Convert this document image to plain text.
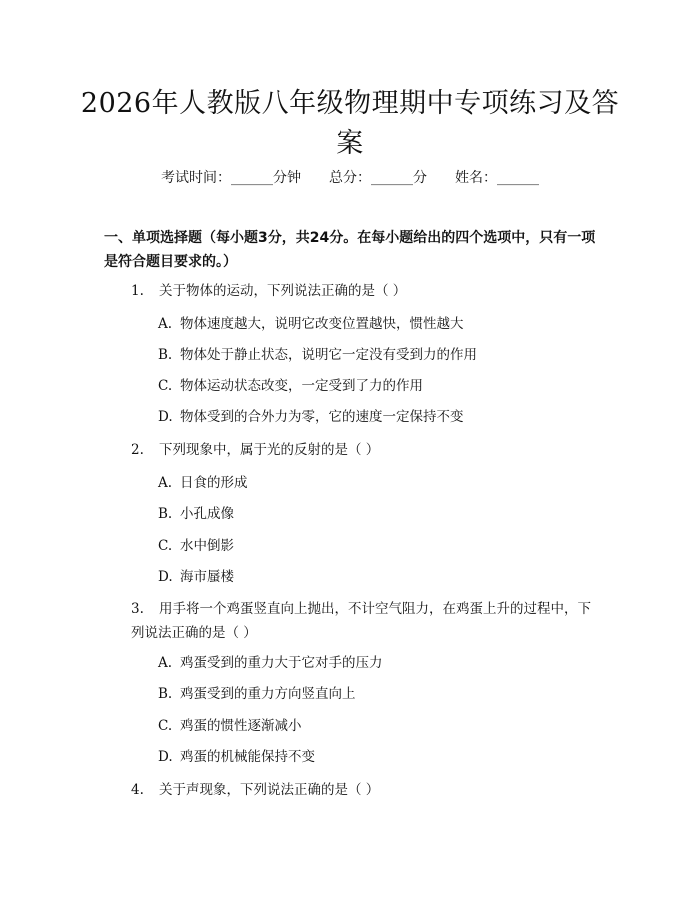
2026年人教版八年级物理期中专项练习及答案
考试时间：______分钟 总分：______分 姓名：______
一、单项选择题（每小题3分，共24分。在每小题给出的四个选项中，只有一项是符合题目要求的。）
1. 关于物体的运动，下列说法正确的是（ ）
A. 物体速度越大，说明它改变位置越快，惯性越大
B. 物体处于静止状态，说明它一定没有受到力的作用
C. 物体运动状态改变，一定受到了力的作用
D. 物体受到的合外力为零，它的速度一定保持不变
2. 下列现象中，属于光的反射的是（ ）
A. 日食的形成
B. 小孔成像
C. 水中倒影
D. 海市蜃楼
3. 用手将一个鸡蛋竖直向上抛出，不计空气阻力，在鸡蛋上升的过程中，下列说法正确的是（ ）
A. 鸡蛋受到的重力大于它对手的压力
B. 鸡蛋受到的重力方向竖直向上
C. 鸡蛋的惯性逐渐减小
D. 鸡蛋的机械能保持不变
4. 关于声现象，下列说法正确的是（ ）
